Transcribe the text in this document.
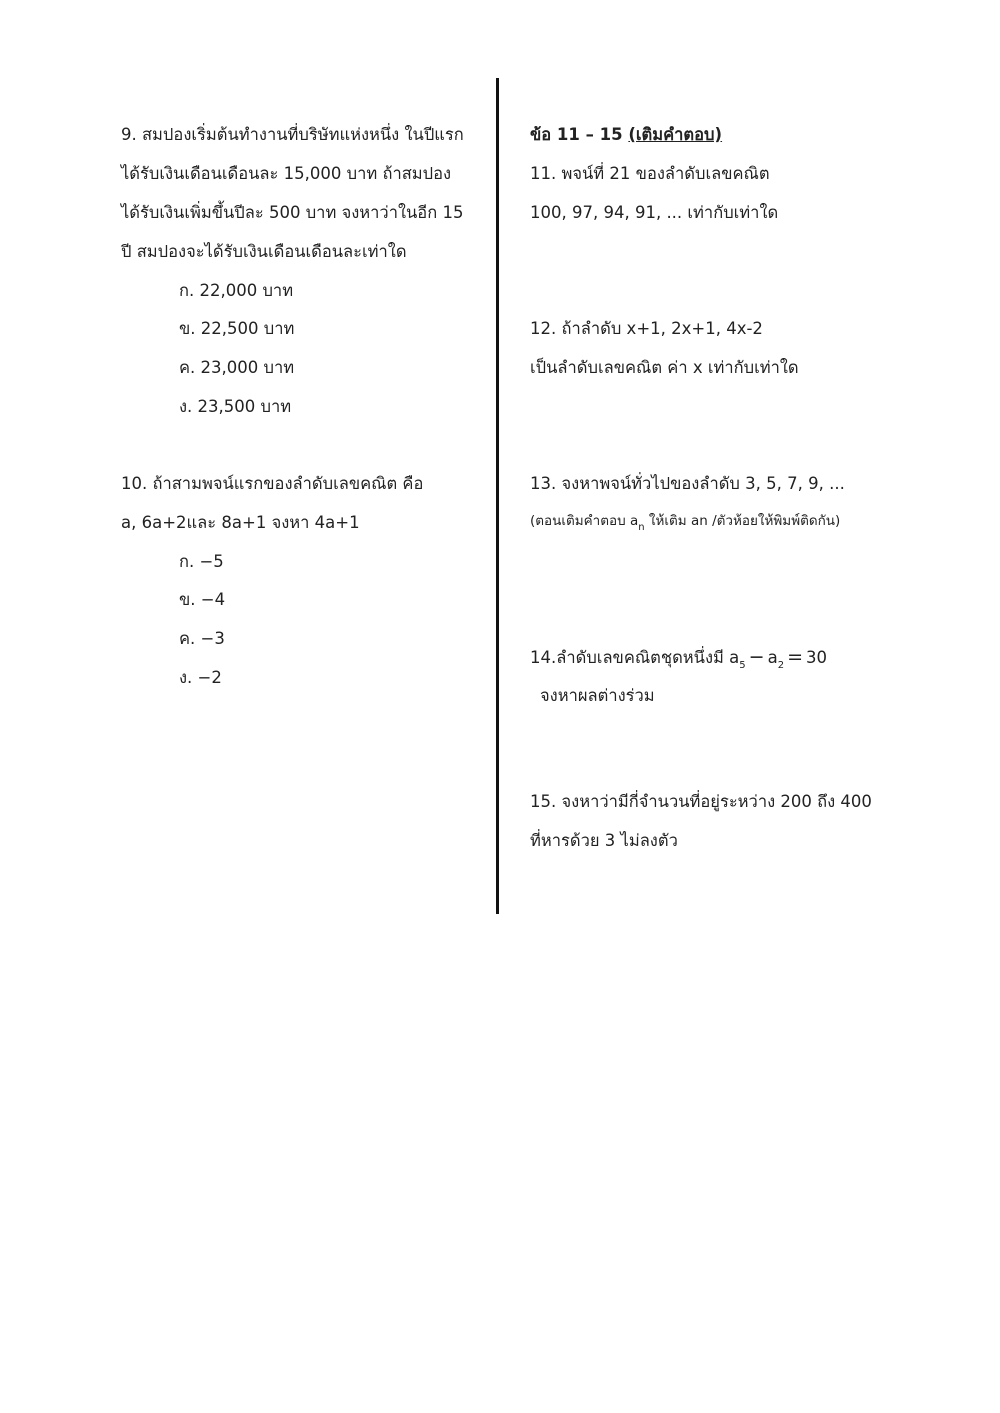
9. สมปองเริ่มต้นทำงานที่บริษัทแห่งหนึ่ง ในปีแรก
ได้รับเงินเดือนเดือนละ 15,000 บาท ถ้าสมปอง
ได้รับเงินเพิ่มขึ้นปีละ 500 บาท จงหาว่าในอีก 15
ปี สมปองจะได้รับเงินเดือนเดือนละเท่าใด
ก. 22,000 บาท
ข. 22,500 บาท
ค. 23,000 บาท
ง. 23,500 บาท
10. ถ้าสามพจน์แรกของลำดับเลขคณิต คือ
a, 6a+2และ 8a+1 จงหา 4a+1
ก. −5
ข. −4
ค. −3
ง. −2
ข้อ 11 – 15 (เติมคำตอบ)
11. พจน์ที่ 21 ของลำดับเลขคณิต
100, 97, 94, 91, ... เท่ากับเท่าใด
12. ถ้าลำดับ x+1, 2x+1, 4x-2
เป็นลำดับเลขคณิต ค่า x เท่ากับเท่าใด
13. จงหาพจน์ทั่วไปของลำดับ 3, 5, 7, 9, ...
(ตอนเติมคำตอบ $a_n$ ให้เติม an /ตัวห้อยให้พิมพ์ติดกัน)
14.ลำดับเลขคณิตชุดหนึ่งมี $a_5 - a_2 = 30$
จงหาผลต่างร่วม
15. จงหาว่ามีกี่จำนวนที่อยู่ระหว่าง 200 ถึง 400
ที่หารด้วย 3 ไม่ลงตัว
